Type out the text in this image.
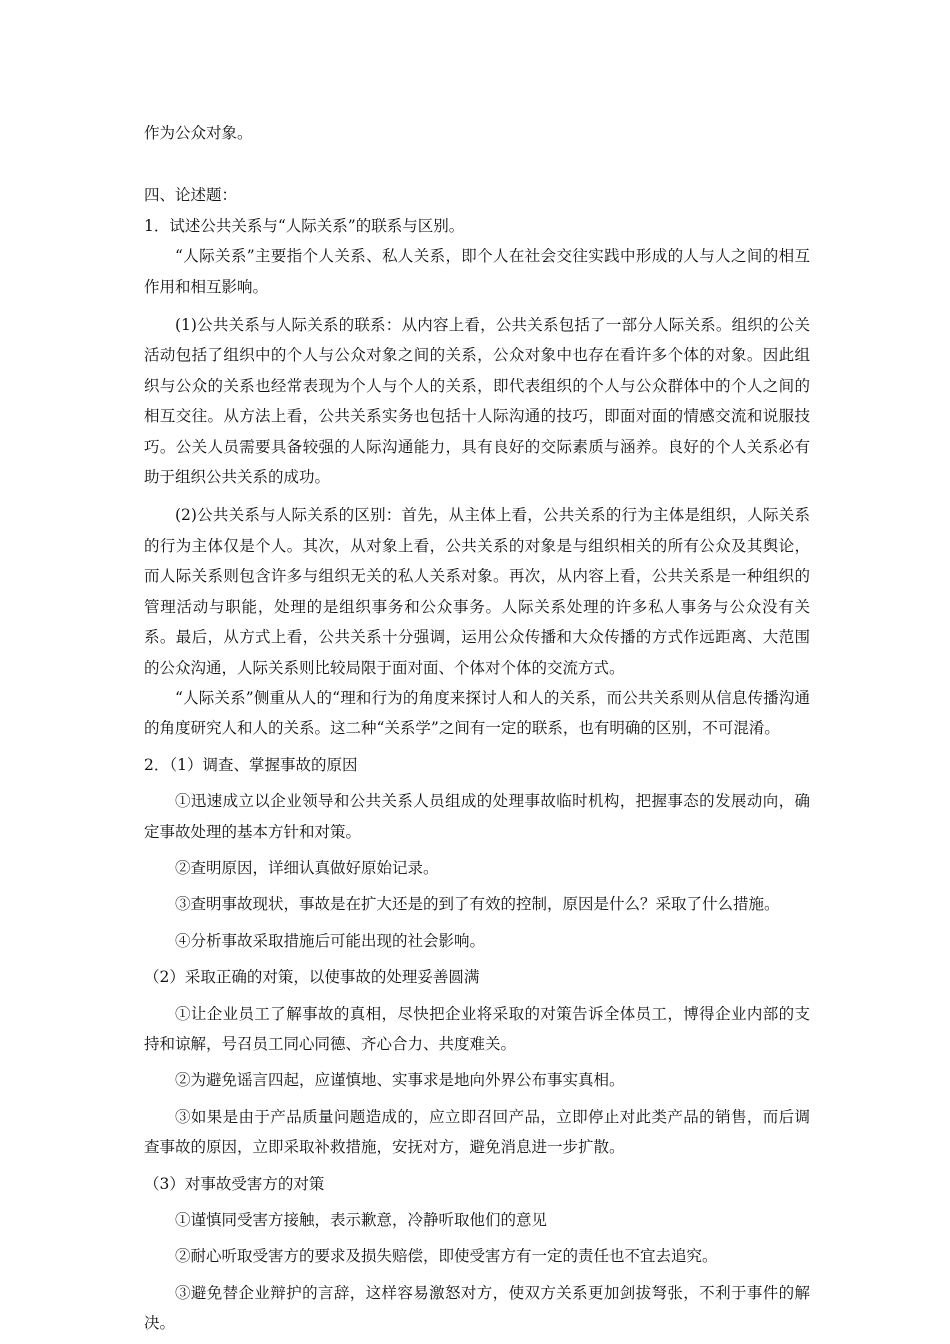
作为公众对象。

四、论述题：

1．试述公共关系与“人际关系”的联系与区别。

“人际关系”主要指个人关系、私人关系，即个人在社会交往实践中形成的人与人之间的相互作用和相互影响。

(1)公共关系与人际关系的联系：从内容上看，公共关系包括了一部分人际关系。组织的公关活动包括了组织中的个人与公众对象之间的关系，公众对象中也存在看许多个体的对象。因此组织与公众的关系也经常表现为个人与个人的关系，即代表组织的个人与公众群体中的个人之间的相互交往。从方法上看，公共关系实务也包括十人际沟通的技巧，即面对面的情感交流和说服技巧。公关人员需要具备较强的人际沟通能力，具有良好的交际素质与涵养。良好的个人关系必有助于组织公共关系的成功。

(2)公共关系与人际关系的区别：首先，从主体上看，公共关系的行为主体是组织，人际关系的行为主体仅是个人。其次，从对象上看，公共关系的对象是与组织相关的所有公众及其舆论，而人际关系则包含许多与组织无关的私人关系对象。再次，从内容上看，公共关系是一种组织的管理活动与职能，处理的是组织事务和公众事务。人际关系处理的许多私人事务与公众没有关系。最后，从方式上看，公共关系十分强调，运用公众传播和大众传播的方式作远距离、大范围的公众沟通，人际关系则比较局限于面对面、个体对个体的交流方式。

“人际关系”侧重从人的“理和行为的角度来探讨人和人的关系，而公共关系则从信息传播沟通的角度研究人和人的关系。这二种“关系学”之间有一定的联系，也有明确的区别，不可混淆。

2．（1）调查、掌握事故的原因

①迅速成立以企业领导和公共关系人员组成的处理事故临时机构，把握事态的发展动向，确定事故处理的基本方针和对策。

②查明原因，详细认真做好原始记录。

③查明事故现状，事故是在扩大还是的到了有效的控制，原因是什么？采取了什么措施。

④分析事故采取措施后可能出现的社会影响。

（2）采取正确的对策，以使事故的处理妥善圆满

①让企业员工了解事故的真相，尽快把企业将采取的对策告诉全体员工，博得企业内部的支持和谅解，号召员工同心同德、齐心合力、共度难关。

②为避免谣言四起，应谨慎地、实事求是地向外界公布事实真相。

③如果是由于产品质量问题造成的，应立即召回产品，立即停止对此类产品的销售，而后调查事故的原因，立即采取补救措施，安抚对方，避免消息进一步扩散。

（3）对事故受害方的对策

①谨慎同受害方接触，表示歉意，冷静听取他们的意见

②耐心听取受害方的要求及损失赔偿，即使受害方有一定的责任也不宜去追究。

③避免替企业辩护的言辞，这样容易激怒对方，使双方关系更加剑拔弩张，不利于事件的解决。
